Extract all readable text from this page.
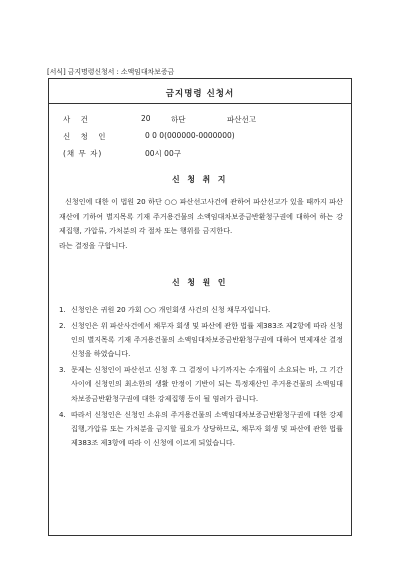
[서식] 금지명령신청서 : 소액임대차보증금
금지명령 신청서
사 건	20	하단	파산선고
신 청 인	0 0 0(000000-0000000)
(채 무 자)	00시 00구
신 청 취 지

신청인에 대한 이 법원 20 하단 ○○ 파산선고사건에 관하여 파산선고가 있을 때까지 파산재산에 기하여 별지목록 기재 주거용건물의 소액임대차보증금반환청구권에 대하여 하는 강제집행, 가압류, 가처분의 각 절차 또는 행위를 금지한다.

라는 결정을 구합니다.

신 청 원 인
1. 신청인은 귀원 20 가회 ○○ 개인회생 사건의 신청 채무자입니다.
2. 신청인은 위 파산사건에서 채무자 회생 및 파산에 관한 법률 제383조 제2항에 따라 신청인의 별지목록 기재 주거용건물의 소액임대차보증금반환청구권에 대하여 면제재산 결정 신청을 하였습니다.
3. 문제는 신청인이 파산선고 신청 후 그 결정이 나기까지는 수개월이 소요되는 바, 그 기간 사이에 신청인의 최소한의 생활 안정이 기반이 되는 특정재산인 주거용건물의 소액임대차보증금반환청구권에 대한 강제집행 등이 될 염려가 큽니다.
4. 따라서 신청인은 신청인 소유의 주거용건물의 소액임대차보증금반환청구권에 대한 강제집행,가압류 또는 가처분을 금지할 필요가 상당하므로, 채무자 회생 및 파산에 관한 법률 제383조 제3항에 따라 이 신청에 이르게 되었습니다.
